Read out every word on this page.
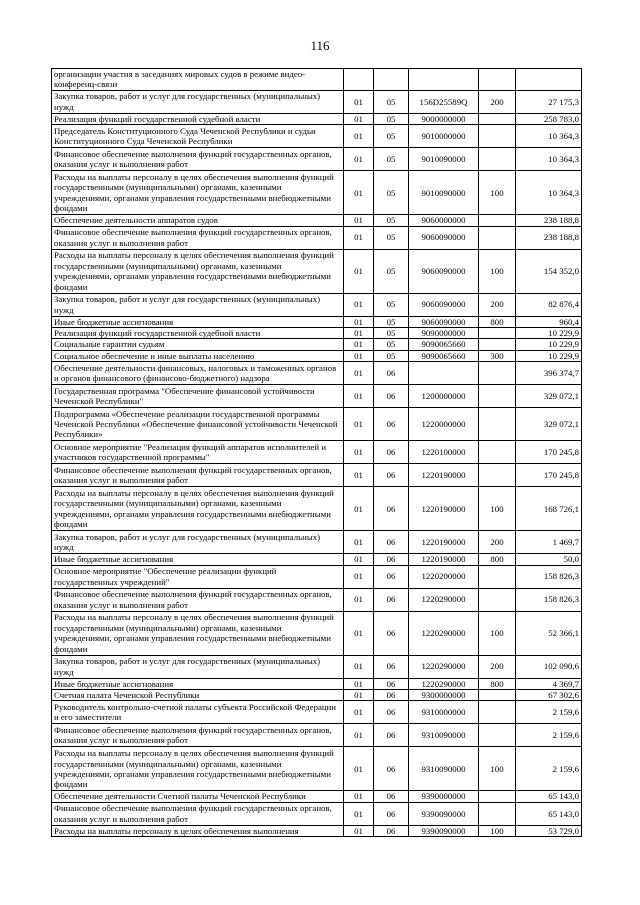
116
организации участия в заседаниях мировых судов в режиме видео-конференц-связи					
Закупка товаров, работ и услуг для государственных (муниципальных) нужд	01	05	156D25589Q	200	27 175,3
Реализация функций государственной судебной власти	01	05	9000000000		258 783,0
Председатель Конституционного Суда Чеченской Республики и судьи Конституционного Суда Чеченской Республики	01	05	9010000000		10 364,3
Финансовое обеспечение выполнения функций государственных органов, оказания услуг и выполнения работ	01	05	9010090000		10 364,3
Расходы на выплаты персоналу в целях обеспечения выполнения функций государственными (муниципальными) органами, казенными учреждениями, органами управления государственными внебюджетными фондами	01	05	9010090000	100	10 364,3
Обеспечение деятельности аппаратов судов	01	05	9060000000		238 188,8
Финансовое обеспечение выполнения функций государственных органов, оказания услуг и выполнения работ	01	05	9060090000		238 188,8
Расходы на выплаты персоналу в целях обеспечения выполнения функций государственными (муниципальными) органами, казенными учреждениями, органами управления государственными внебюджетными фондами	01	05	9060090000	100	154 352,0
Закупка товаров, работ и услуг для государственных (муниципальных) нужд	01	05	9060090000	200	82 876,4
Иные бюджетные ассигнования	01	05	9060090000	800	960,4
Реализация функций государственной судебной власти	01	05	9090000000		10 229,9
Социальные гарантии судьям	01	05	9090065660		10 229,9
Социальное обеспечение и иные выплаты населению	01	05	9090065660	300	10 229,9
Обеспечение деятельности финансовых, налоговых и таможенных органов и органов финансового (финансово-бюджетного) надзора	01	06			396 374,7
Государственная программа "Обеспечение финансовой устойчивости Чеченской Республики"	01	06	1200000000		329 072,1
Подпрограмма «Обеспечение реализации государственной программы Чеченской Республики «Обеспечение финансовой устойчивости Чеченской Республики»	01	06	1220000000		329 072,1
Основное мероприятие "Реализация функций аппаратов исполнителей и участников государственной программы"	01	06	1220100000		170 245,8
Финансовое обеспечение выполнения функций государственных органов, оказания услуг и выполнения работ	01	06	1220190000		170 245,8
Расходы на выплаты персоналу в целях обеспечения выполнения функций государственными (муниципальными) органами, казенными учреждениями, органами управления государственными внебюджетными фондами	01	06	1220190000	100	168 726,1
Закупка товаров, работ и услуг для государственных (муниципальных) нужд	01	06	1220190000	200	1 469,7
Иные бюджетные ассигнования	01	06	1220190000	800	50,0
Основное мероприятие "Обеспечение реализации функций государственных учреждений"	01	06	1220200000		158 826,3
Финансовое обеспечение выполнения функций государственных органов, оказания услуг и выполнения работ	01	06	1220290000		158 826,3
Расходы на выплаты персоналу в целях обеспечения выполнения функций государственными (муниципальными) органами, казенными учреждениями, органами управления государственными внебюджетными фондами	01	06	1220290000	100	52 366,1
Закупка товаров, работ и услуг для государственных (муниципальных) нужд	01	06	1220290000	200	102 090,6
Иные бюджетные ассигнования	01	06	1220290000	800	4 369,7
Счетная палата Чеченской Республики	01	06	9300000000		67 302,6
Руководитель контрольно-счетной палаты субъекта Российской Федерации и его заместители	01	06	9310000000		2 159,6
Финансовое обеспечение выполнения функций государственных органов, оказания услуг и выполнения работ	01	06	9310090000		2 159,6
Расходы на выплаты персоналу в целях обеспечения выполнения функций государственными (муниципальными) органами, казенными учреждениями, органами управления государственными внебюджетными фондами	01	06	9310090000	100	2 159,6
Обеспечение деятельности Счетной палаты Чеченской Республики	01	06	9390000000		65 143,0
Финансовое обеспечение выполнения функций государственных органов, оказания услуг и выполнения работ	01	06	9390090000		65 143,0
Расходы на выплаты персоналу в целях обеспечения выполнения	01	06	9390090000	100	53 729,0
